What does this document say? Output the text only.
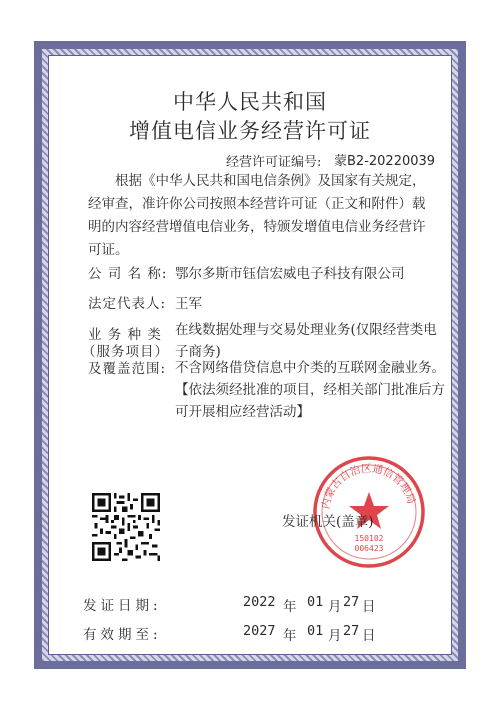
中华人民共和国
增值电信业务经营许可证
经营许可证编号: 蒙B2-20220039
根据《中华人民共和国电信条例》及国家有关规定，经审查，准许你公司按照本经营许可证（正文和附件）载明的内容经营增值电信业务，特颁发增值电信业务经营许可证。
公 司 名 称: 鄂尔多斯市钰信宏威电子科技有限公司
法定代表人: 王军
业 务 种 类
（服务项目）
及覆盖范围:
在线数据处理与交易处理业务(仅限经营类电子商务)
不含网络借贷信息中介类的互联网金融业务。【依法须经批准的项目，经相关部门批准后方可开展相应经营活动】
内蒙古自治区通信管理局
150102
006423
发证机关(盖章)
发证日期:	2022 年 01 月 27 日
有效期至:	2027 年 01 月 27 日
